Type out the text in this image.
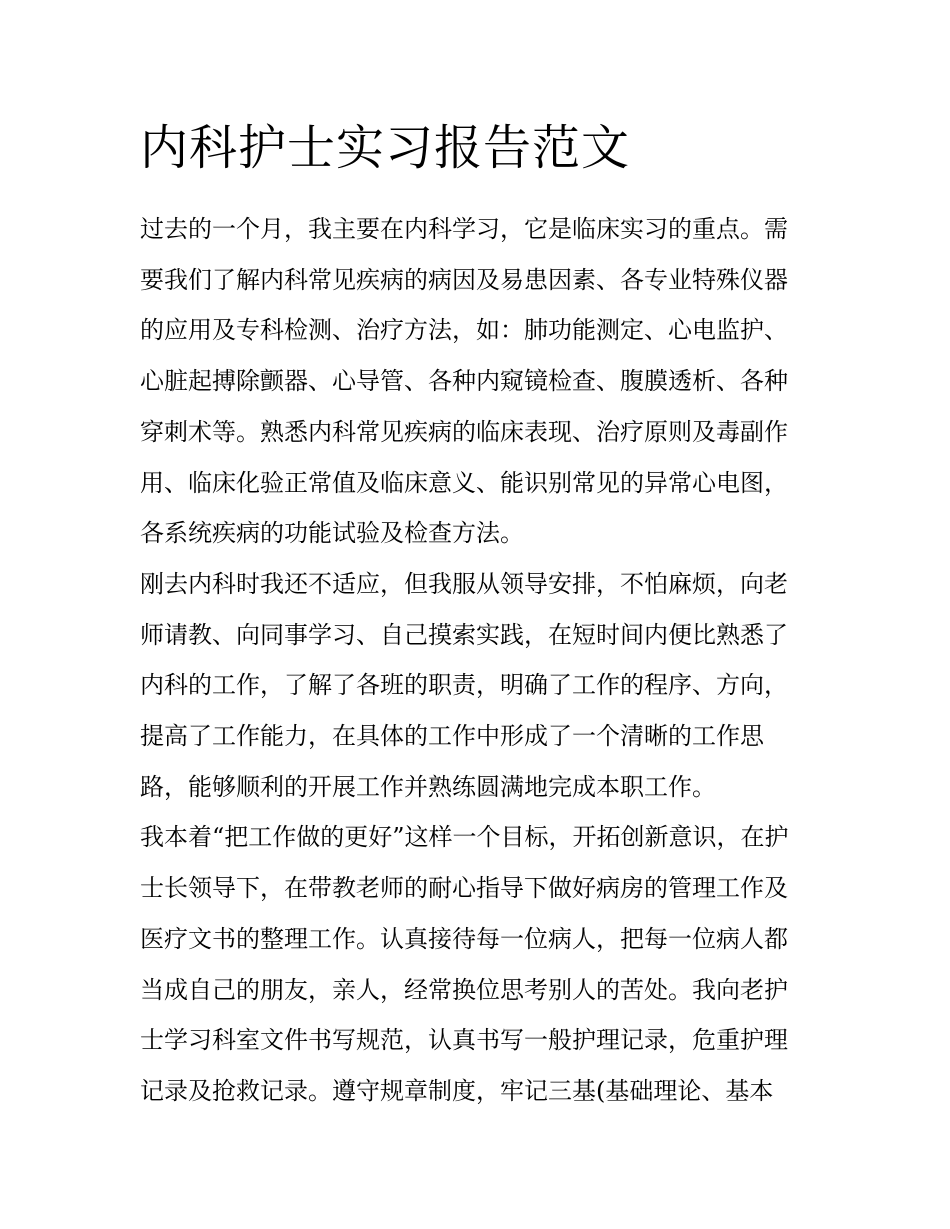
内科护士实习报告范文
过去的一个月，我主要在内科学习，它是临床实习的重点。需
要我们了解内科常见疾病的病因及易患因素、各专业特殊仪器
的应用及专科检测、治疗方法，如：肺功能测定、心电监护、
心脏起搏除颤器、心导管、各种内窥镜检查、腹膜透析、各种
穿刺术等。熟悉内科常见疾病的临床表现、治疗原则及毒副作
用、临床化验正常值及临床意义、能识别常见的异常心电图，
各系统疾病的功能试验及检查方法。
刚去内科时我还不适应，但我服从领导安排，不怕麻烦，向老
师请教、向同事学习、自己摸索实践，在短时间内便比熟悉了
内科的工作，了解了各班的职责，明确了工作的程序、方向，
提高了工作能力，在具体的工作中形成了一个清晰的工作思
路，能够顺利的开展工作并熟练圆满地完成本职工作。
我本着“把工作做的更好”这样一个目标，开拓创新意识，在护
士长领导下，在带教老师的耐心指导下做好病房的管理工作及
医疗文书的整理工作。认真接待每一位病人，把每一位病人都
当成自己的朋友，亲人，经常换位思考别人的苦处。我向老护
士学习科室文件书写规范，认真书写一般护理记录，危重护理
记录及抢救记录。遵守规章制度，牢记三基(基础理论、基本
